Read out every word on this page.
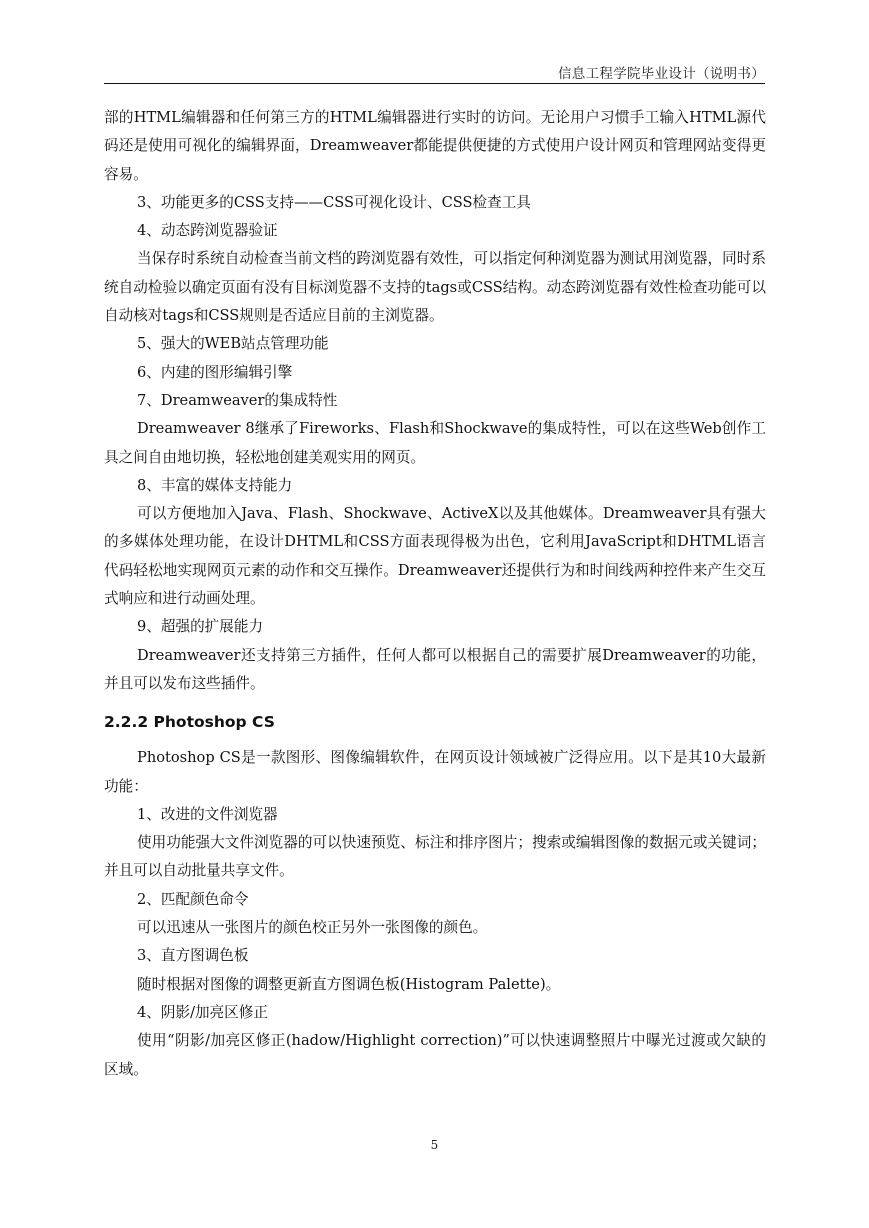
信息工程学院毕业设计（说明书）

部的HTML编辑器和任何第三方的HTML编辑器进行实时的访问。无论用户习惯手工输入HTML源代码还是使用可视化的编辑界面，Dreamweaver都能提供便捷的方式使用户设计网页和管理网站变得更容易。

3、功能更多的CSS支持——CSS可视化设计、CSS检查工具

4、动态跨浏览器验证

当保存时系统自动检查当前文档的跨浏览器有效性，可以指定何种浏览器为测试用浏览器，同时系统自动检验以确定页面有没有目标浏览器不支持的tags或CSS结构。动态跨浏览器有效性检查功能可以自动核对tags和CSS规则是否适应目前的主浏览器。

5、强大的WEB站点管理功能

6、内建的图形编辑引擎

7、Dreamweaver的集成特性

Dreamweaver 8继承了Fireworks、Flash和Shockwave的集成特性，可以在这些Web创作工具之间自由地切换，轻松地创建美观实用的网页。

8、丰富的媒体支持能力

可以方便地加入Java、Flash、Shockwave、ActiveX以及其他媒体。Dreamweaver具有强大的多媒体处理功能，在设计DHTML和CSS方面表现得极为出色，它利用JavaScript和DHTML语言代码轻松地实现网页元素的动作和交互操作。Dreamweaver还提供行为和时间线两种控件来产生交互式响应和进行动画处理。

9、超强的扩展能力

Dreamweaver还支持第三方插件，任何人都可以根据自己的需要扩展Dreamweaver的功能，并且可以发布这些插件。

2.2.2 Photoshop CS

Photoshop CS是一款图形、图像编辑软件，在网页设计领域被广泛得应用。以下是其10大最新功能：

1、改进的文件浏览器

使用功能强大文件浏览器的可以快速预览、标注和排序图片；搜索或编辑图像的数据元或关键词；并且可以自动批量共享文件。

2、匹配颜色命令

可以迅速从一张图片的颜色校正另外一张图像的颜色。

3、直方图调色板

随时根据对图像的调整更新直方图调色板(Histogram Palette)。

4、阴影/加亮区修正

使用“阴影/加亮区修正(hadow/Highlight correction)”可以快速调整照片中曝光过渡或欠缺的区域。

5
